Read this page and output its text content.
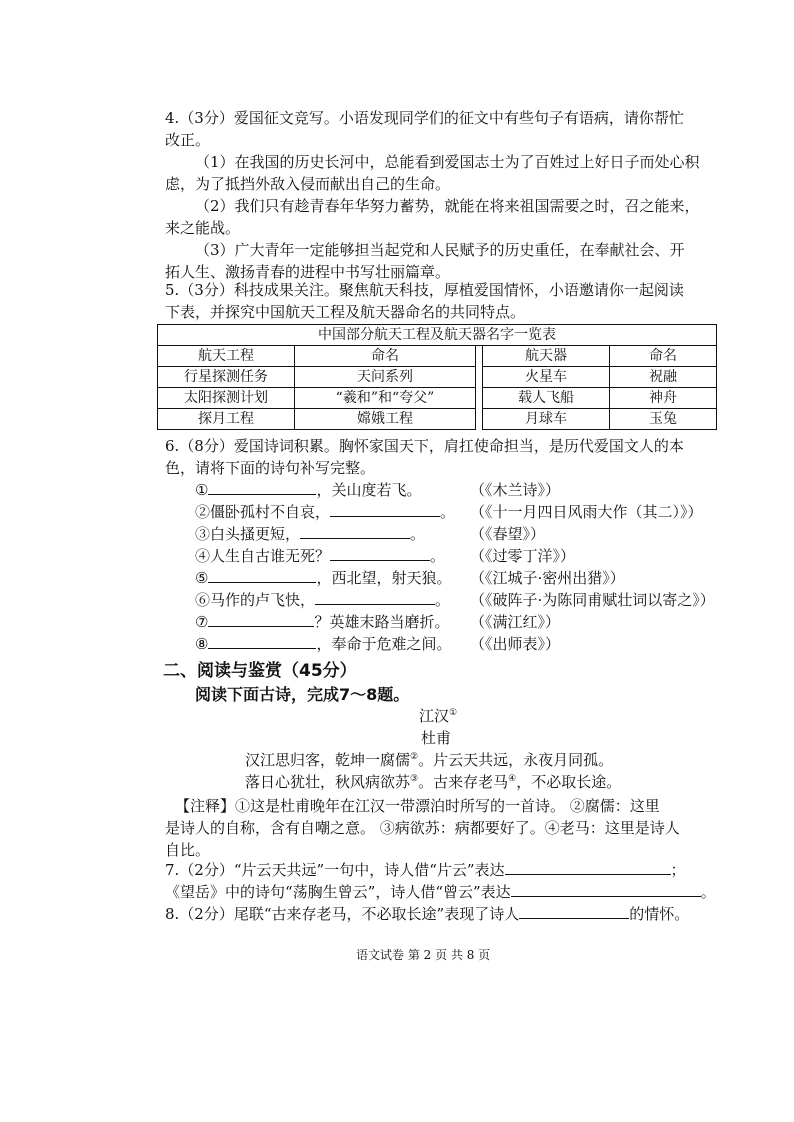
4.（3分）爱国征文竞写。小语发现同学们的征文中有些句子有语病，请你帮忙
改正。
（1）在我国的历史长河中，总能看到爱国志士为了百姓过上好日子而处心积
虑，为了抵挡外敌入侵而献出自己的生命。
（2）我们只有趁青春年华努力蓄势，就能在将来祖国需要之时，召之能来，
来之能战。
（3）广大青年一定能够担当起党和人民赋予的历史重任，在奉献社会、开
拓人生、激扬青春的进程中书写壮丽篇章。
5.（3分）科技成果关注。聚焦航天科技，厚植爱国情怀，小语邀请你一起阅读
下表，并探究中国航天工程及航天器命名的共同特点。
中国部分航天工程及航天器名字一览表				
航天工程	命名		航天器	命名
行星探测任务	天问系列		火星车	祝融
太阳探测计划	“羲和”和“夸父”		载人飞船	神舟
探月工程	嫦娥工程		月球车	玉兔
6.（8分）爱国诗词积累。胸怀家国天下，肩扛使命担当，是历代爱国文人的本
色，请将下面的诗句补写完整。
①	，关山度若飞。	（《木兰诗》）
②僵卧孤村不自哀，	。 （《十一月四日风雨大作（其二）》）
③白头搔更短，	。	（《春望》）
④人生自古谁无死？	。 （《过零丁洋》）
⑤	，西北望，射天狼。 （《江城子·密州出猎》）
⑥马作的卢飞快，	。 （《破阵子·为陈同甫赋壮词以寄之》）
⑦	？英雄末路当磨折。 （《满江红》）
⑧	，奉命于危难之间。 （《出师表》）
二、阅读与鉴赏（45分）
阅读下面古诗，完成7～8题。
江汉①
杜甫
汉江思归客，乾坤一腐儒②。片云天共远，永夜月同孤。
落日心犹壮，秋风病欲苏③。古来存老马④，不必取长途。
【注释】①这是杜甫晚年在江汉一带漂泊时所写的一首诗。 ②腐儒：这里
是诗人的自称，含有自嘲之意。 ③病欲苏：病都要好了。④老马：这里是诗人
自比。
7.（2分）“片云天共远”一句中，诗人借“片云”表达	；
《望岳》中的诗句“荡胸生曾云”，诗人借“曾云”表达	。
8.（2分）尾联“古来存老马，不必取长途”表现了诗人	的情怀。
语文试卷 第 2 页 共 8 页
